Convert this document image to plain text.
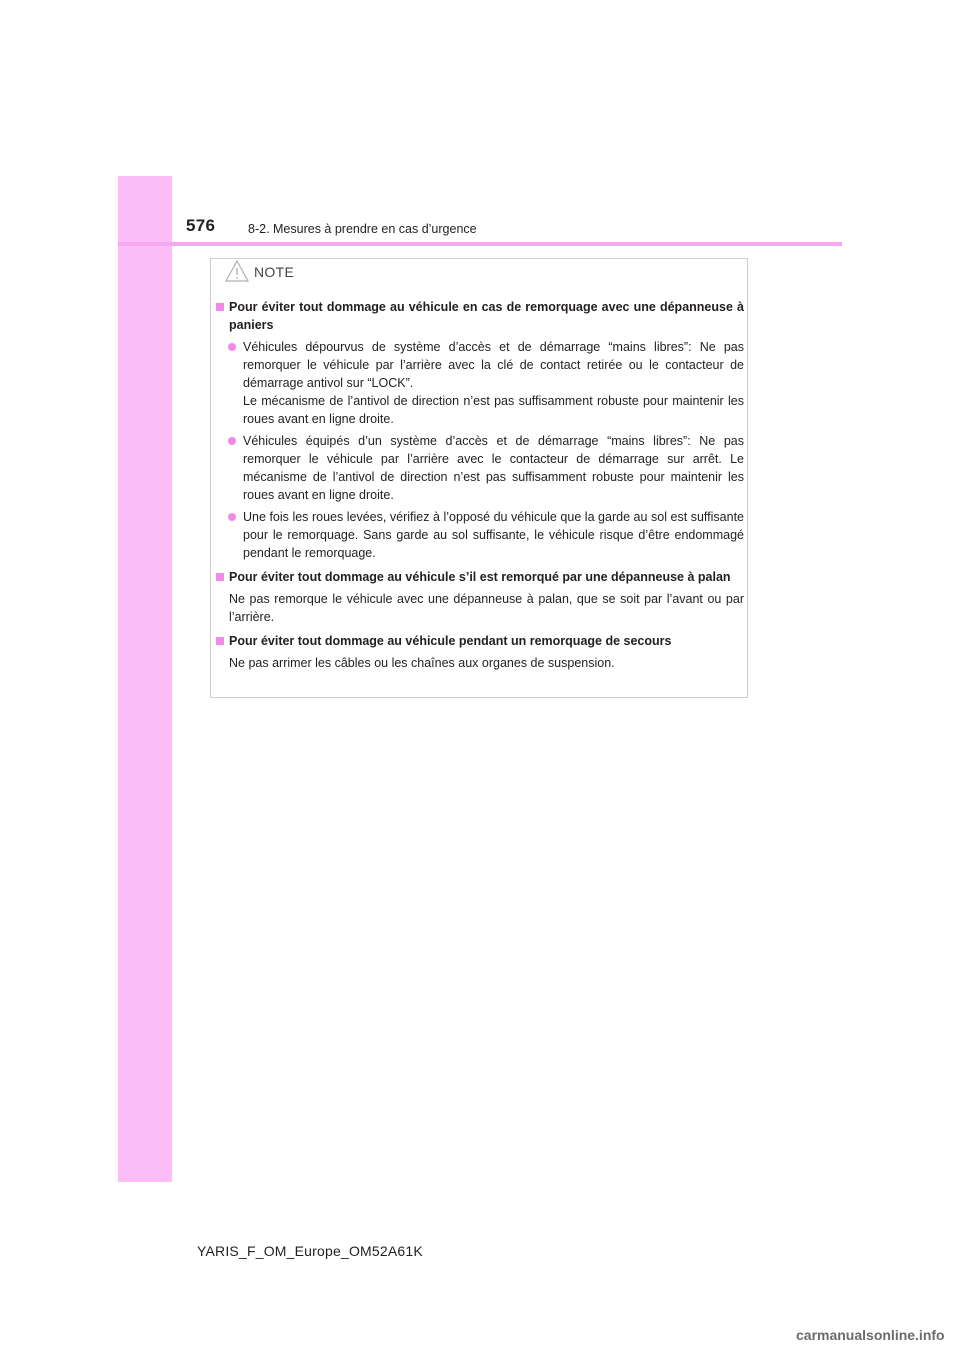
576	8-2. Mesures à prendre en cas d’urgence
NOTE
Pour éviter tout dommage au véhicule en cas de remorquage avec une dépanneuse à paniers
Véhicules dépourvus de système d’accès et de démarrage “mains libres”: Ne pas remorquer le véhicule par l’arrière avec la clé de contact retirée ou le contacteur de démarrage antivol sur “LOCK”.
Le mécanisme de l’antivol de direction n’est pas suffisamment robuste pour maintenir les roues avant en ligne droite.
Véhicules équipés d’un système d’accès et de démarrage “mains libres”: Ne pas remorquer le véhicule par l’arrière avec le contacteur de démarrage sur arrêt. Le mécanisme de l’antivol de direction n’est pas suffisamment robuste pour maintenir les roues avant en ligne droite.
Une fois les roues levées, vérifiez à l’opposé du véhicule que la garde au sol est suffisante pour le remorquage. Sans garde au sol suffisante, le véhicule risque d’être endommagé pendant le remorquage.
Pour éviter tout dommage au véhicule s’il est remorqué par une dépanneuse à palan
Ne pas remorque le véhicule avec une dépanneuse à palan, que se soit par l’avant ou par l’arrière.
Pour éviter tout dommage au véhicule pendant un remorquage de secours
Ne pas arrimer les câbles ou les chaînes aux organes de suspension.
YARIS_F_OM_Europe_OM52A61K
carmanualsonline.info
